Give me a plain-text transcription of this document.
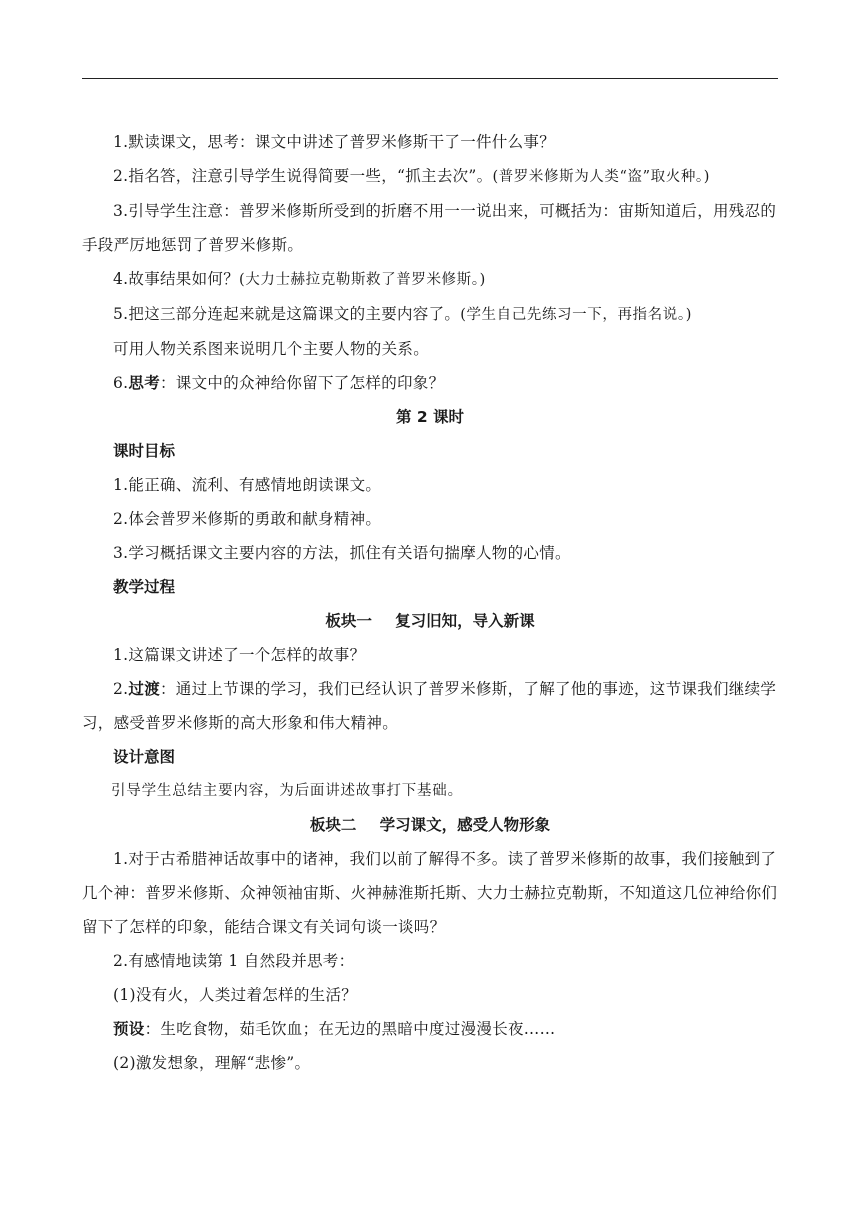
1.默读课文，思考：课文中讲述了普罗米修斯干了一件什么事？

2.指名答，注意引导学生说得简要一些，“抓主去次”。(普罗米修斯为人类“盗”取火种。)

3.引导学生注意：普罗米修斯所受到的折磨不用一一说出来，可概括为：宙斯知道后，用残忍的手段严厉地惩罚了普罗米修斯。

4.故事结果如何？(大力士赫拉克勒斯救了普罗米修斯。)

5.把这三部分连起来就是这篇课文的主要内容了。(学生自己先练习一下，再指名说。)

可用人物关系图来说明几个主要人物的关系。

6.思考：课文中的众神给你留下了怎样的印象？

第 2 课时

课时目标

1.能正确、流利、有感情地朗读课文。

2.体会普罗米修斯的勇敢和献身精神。

3.学习概括课文主要内容的方法，抓住有关语句揣摩人物的心情。

教学过程

板块一 复习旧知，导入新课

1.这篇课文讲述了一个怎样的故事？

2.过渡：通过上节课的学习，我们已经认识了普罗米修斯，了解了他的事迹，这节课我们继续学习，感受普罗米修斯的高大形象和伟大精神。

设计意图

引导学生总结主要内容，为后面讲述故事打下基础。

板块二 学习课文，感受人物形象

1.对于古希腊神话故事中的诸神，我们以前了解得不多。读了普罗米修斯的故事，我们接触到了几个神：普罗米修斯、众神领袖宙斯、火神赫淮斯托斯、大力士赫拉克勒斯，不知道这几位神给你们留下了怎样的印象，能结合课文有关词句谈一谈吗？

2.有感情地读第 1 自然段并思考：

(1)没有火，人类过着怎样的生活？

预设：生吃食物，茹毛饮血；在无边的黑暗中度过漫漫长夜……

(2)激发想象，理解“悲惨”。
